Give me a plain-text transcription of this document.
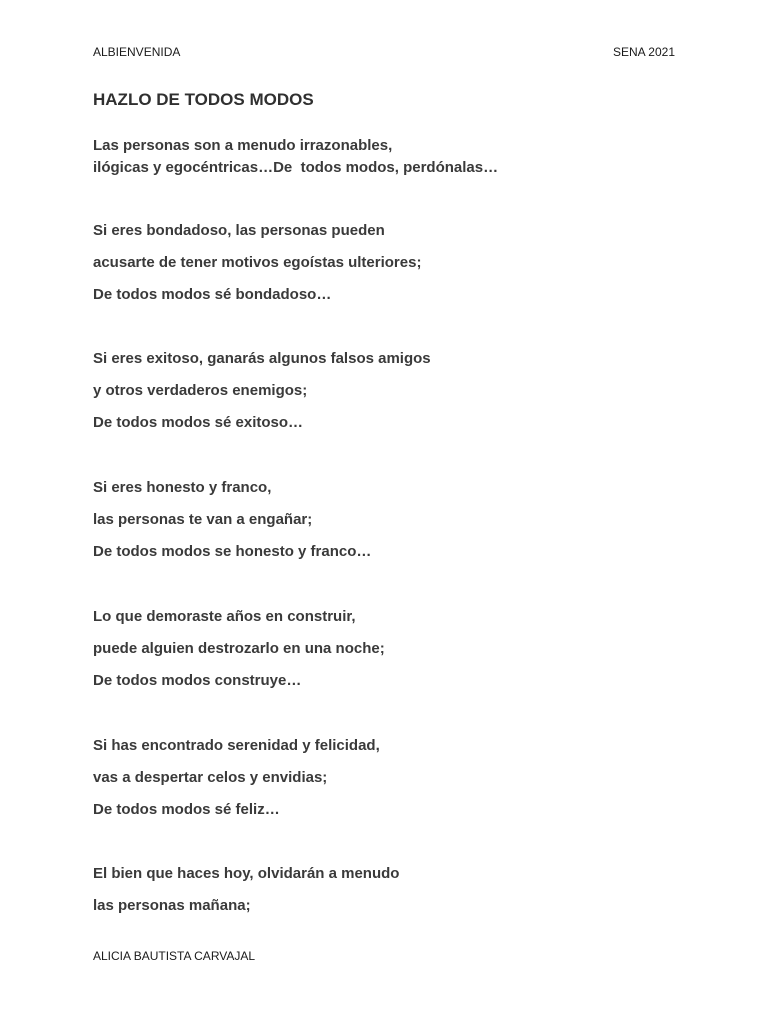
ALBIENVENIDA	SENA 2021
HAZLO DE TODOS MODOS
Las personas son a menudo irrazonables,
ilógicas y egocéntricas…De  todos modos, perdónalas…
Si eres bondadoso, las personas pueden
acusarte de tener motivos egoístas ulteriores;
De todos modos sé bondadoso…
Si eres exitoso, ganarás algunos falsos amigos
y otros verdaderos enemigos;
De todos modos sé exitoso…
Si eres honesto y franco,
las personas te van a engañar;
De todos modos se honesto y franco…
Lo que demoraste años en construir,
puede alguien destrozarlo en una noche;
De todos modos construye…
Si has encontrado serenidad y felicidad,
vas a despertar celos y envidias;
De todos modos sé feliz…
El bien que haces hoy, olvidarán a menudo
las personas mañana;
ALICIA BAUTISTA CARVAJAL
